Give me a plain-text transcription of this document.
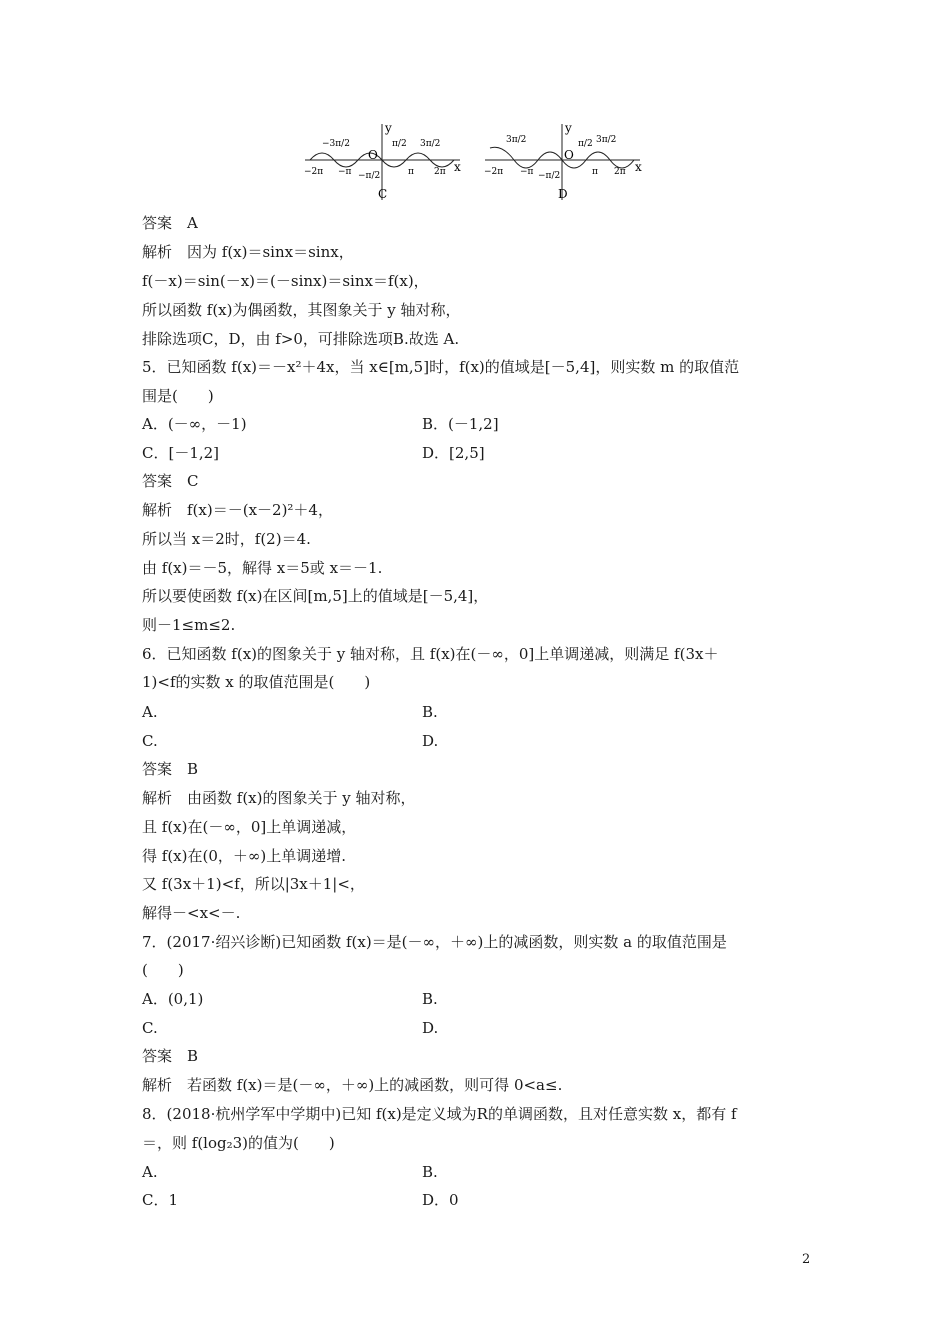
y
x
O
−3π/2	π/2 3π/2
−2π −π −π/2	π 2π
C
y
x
O
3π/2	π/2 3π/2
−2π −π −π/2	π 2π
D
答案　A
解析　因为 f(x)＝sinx＝sinx，
f(－x)＝sin(－x)＝(－sinx)＝sinx＝f(x)，
所以函数 f(x)为偶函数，其图象关于 y 轴对称，
排除选项C，D，由 f>0，可排除选项B.故选 A.
5．已知函数 f(x)＝－x²＋4x，当 x∈[m,5]时，f(x)的值域是[－5,4]，则实数 m 的取值范
围是(　　)
A．(－∞，－1)	B．(－1,2]
C．[－1,2]	D．[2,5]
答案　C
解析　f(x)＝－(x－2)²＋4，
所以当 x＝2时，f(2)＝4.
由 f(x)＝－5，解得 x＝5或 x＝－1.
所以要使函数 f(x)在区间[m,5]上的值域是[－5,4]，
则－1≤m≤2.
6．已知函数 f(x)的图象关于 y 轴对称，且 f(x)在(－∞，0]上单调递减，则满足 f(3x＋
1)<f的实数 x 的取值范围是(　　)
A.	B.
C.	D.
答案　B
解析　由函数 f(x)的图象关于 y 轴对称，
且 f(x)在(－∞，0]上单调递减，
得 f(x)在(0，＋∞)上单调递增.
又 f(3x＋1)<f，所以|3x＋1|<，
解得－<x<－.
7．(2017·绍兴诊断)已知函数 f(x)＝是(－∞，＋∞)上的减函数，则实数 a 的取值范围是
(　　)
A．(0,1)	B.
C.	D.
答案　B
解析　若函数 f(x)＝是(－∞，＋∞)上的减函数，则可得 0<a≤.
8．(2018·杭州学军中学期中)已知 f(x)是定义域为R的单调函数，且对任意实数 x，都有 f
＝，则 f(log₂3)的值为(　　)
A.	B.
C．1	D．0
2
